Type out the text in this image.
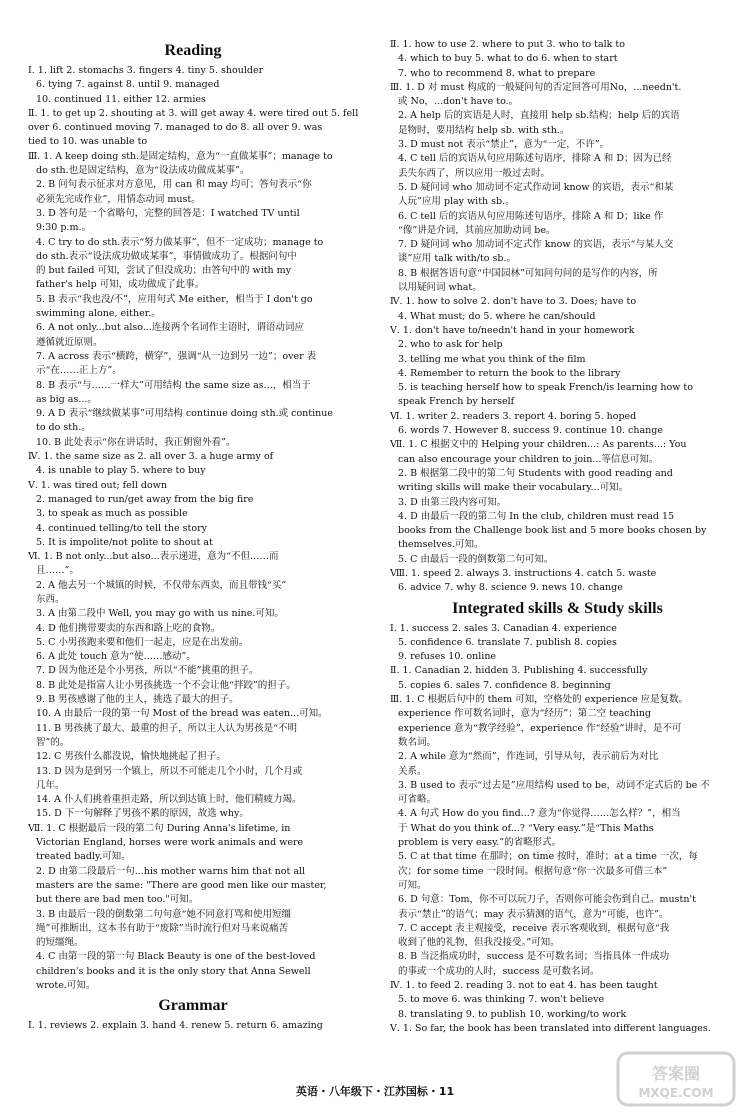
Reading
Ⅰ. 1. lift 2. stomachs 3. fingers 4. tiny 5. shoulder
6. tying 7. against 8. until 9. managed
10. continued 11. either 12. armies
Ⅱ. 1. to get up 2. shouting at 3. will get away 4. were tired out 5. fell
over 6. continued moving 7. managed to do 8. all over 9. was
tied to 10. was unable to
Ⅲ. 1. A keep doing sth.是固定结构，意为“一直做某事”；manage to
do sth.也是固定结构，意为“设法成功做成某事”。
2. B 问句表示征求对方意见，用 can 和 may 均可；答句表示“你
必须先完成作业”，用情态动词 must。
3. D 答句是一个省略句，完整的回答是：I watched TV until
9:30 p.m.。
4. C try to do sth.表示“努力做某事”，但不一定成功；manage to
do sth.表示“设法成功做成某事”，事情做成功了。根据问句中
的 but failed 可知，尝试了但没成功；由答句中的 with my
father's help 可知，成功做成了此事。
5. B 表示“我也没/不”，应用句式 Me either，相当于 I don't go
swimming alone, either.。
6. A not only...but also...连接两个名词作主语时，谓语动词应
遵循就近原则。
7. A across 表示“横跨，横穿”，强调“从一边到另一边”；over 表
示“在……正上方”。
8. B 表示“与……一样大”可用结构 the same size as...，相当于
as big as...。
9. A D 表示“继续做某事”可用结构 continue doing sth.或 continue
to do sth.。
10. B 此处表示“你在讲话时，我正朝窗外看”。
Ⅳ. 1. the same size as 2. all over 3. a huge army of
4. is unable to play 5. where to buy
Ⅴ. 1. was tired out; fell down
2. managed to run/get away from the big fire
3. to speak as much as possible
4. continued telling/to tell the story
5. It is impolite/not polite to shout at
Ⅵ. 1. B not only...but also...表示递进，意为“不但……而
且……”。
2. A 他去另一个城镇的时候，不仅带东西卖，而且带钱“买”
东西。
3. A 由第二段中 Well, you may go with us nine.可知。
4. D 他们携带要卖的东西和路上吃的食物。
5. C 小男孩跑来要和他们一起走，应是在出发前。
6. A 此处 touch 意为“使……感动”。
7. D 因为他还是个小男孩，所以“不能”挑重的担子。
8. B 此处是指富人让小男孩挑选一个不会让他“拌跤”的担子。
9. B 男孩感谢了他的主人，挑选了最大的担子。
10. A 由最后一段的第一句 Most of the bread was eaten...可知。
11. B 男孩挑了最大、最重的担子，所以主人认为男孩是“不明
智”的。
12. C 男孩什么都没说，愉快地挑起了担子。
13. D 因为是到另一个镇上，所以不可能走几个小时，几个月或
几年。
14. A 仆人们挑着重担走路，所以到达镇上时，他们精疲力竭。
15. D 下一句解释了男孩不累的原因，故选 why。
Ⅶ. 1. C 根据最后一段的第二句 During Anna's lifetime, in
Victorian England, horses were work animals and were
treated badly.可知。
2. D 由第二段最后一句...his mother warns him that not all
masters are the same: "There are good men like our master,
but there are bad men too."可知。
3. B 由最后一段的倒数第二句句意“她不同意打骂和使用短缰
绳”可推断出，这本书有助于“废除”当时流行但对马来说痛苦
的短缰绳。
4. C 由第一段的第一句 Black Beauty is one of the best-loved
children's books and it is the only story that Anna Sewell
wrote.可知。
Grammar
Ⅰ. 1. reviews 2. explain 3. hand 4. renew 5. return 6. amazing
Ⅱ. 1. how to use 2. where to put 3. who to talk to
4. which to buy 5. what to do 6. when to start
7. who to recommend 8. what to prepare
Ⅲ. 1. D 对 must 构成的一般疑问句的否定回答可用No，...needn't.
或 No，...don't have to.。
2. A help 后的宾语是人时，直接用 help sb.结构；help 后的宾语
是物时，要用结构 help sb. with sth.。
3. D must not 表示“禁止”，意为“一定，不许”。
4. C tell 后的宾语从句应用陈述句语序，排除 A 和 D；因为已经
丢失东西了，所以应用一般过去时。
5. D 疑问词 who 加动词不定式作动词 know 的宾语，表示“和某
人玩”应用 play with sb.。
6. C tell 后的宾语从句应用陈述句语序，排除 A 和 D；like 作
“像”讲是介词，其前应加助动词 be。
7. D 疑问词 who 加动词不定式作 know 的宾语，表示“与某人交
谈”应用 talk with/to sb.。
8. B 根据答语句意“中国园林”可知问句问的是写作的内容，所
以用疑问词 what。
Ⅳ. 1. how to solve 2. don't have to 3. Does; have to
4. What must; do 5. where he can/should
Ⅴ. 1. don't have to/needn't hand in your homework
2. who to ask for help
3. telling me what you think of the film
4. Remember to return the book to the library
5. is teaching herself how to speak French/is learning how to
speak French by herself
Ⅵ. 1. writer 2. readers 3. report 4. boring 5. hoped
6. words 7. However 8. success 9. continue 10. change
Ⅶ. 1. C 根据文中的 Helping your children...: As parents...: You
can also encourage your children to join...等信息可知。
2. B 根据第二段中的第二句 Students with good reading and
writing skills will make their vocabulary...可知。
3. D 由第三段内容可知。
4. D 由最后一段的第二句 In the club, children must read 15
books from the Challenge book list and 5 more books chosen by
themselves.可知。
5. C 由最后一段的倒数第二句可知。
Ⅷ. 1. speed 2. always 3. instructions 4. catch 5. waste
6. advice 7. why 8. science 9. news 10. change
Integrated skills & Study skills
Ⅰ. 1. success 2. sales 3. Canadian 4. experience
5. confidence 6. translate 7. publish 8. copies
9. refuses 10. online
Ⅱ. 1. Canadian 2. hidden 3. Publishing 4. successfully
5. copies 6. sales 7. confidence 8. beginning
Ⅲ. 1. C 根据后句中的 them 可知，空格处的 experience 应是复数。
experience 作可数名词时，意为“经历”；第二空 teaching
experience 意为“教学经验”，experience 作“经验”讲时，是不可
数名词。
2. A while 意为“然而”，作连词，引导从句，表示前后为对比
关系。
3. B used to 表示“过去是”应用结构 used to be，动词不定式后的 be 不
可省略。
4. A 句式 How do you find...? 意为“你觉得……怎么样？”，相当
于 What do you think of...? “Very easy.”是“This Maths
problem is very easy.”的省略形式。
5. C at that time 在那时；on time 按时，准时；at a time 一次，每
次；for some time 一段时间。根据句意“你一次最多可借三本”
可知。
6. D 句意：Tom，你不可以玩刀子，否则你可能会伤到自己。mustn't
表示“禁止”的语气；may 表示猜测的语气，意为“可能，也许”。
7. C accept 表主观接受，receive 表示客观收到，根据句意“我
收到了他的礼物，但我没接受。”可知。
8. B 当泛指成功时，success 是不可数名词；当指具体一件成功
的事或一个成功的人时，success 是可数名词。
Ⅳ. 1. to feed 2. reading 3. not to eat 4. has been taught
5. to move 6. was thinking 7. won't believe
8. translating 9. to publish 10. working/to work
Ⅴ. 1. So far, the book has been translated into different languages.
英语・八年级下・江苏国标・11
答案圈
MXQE.COM
